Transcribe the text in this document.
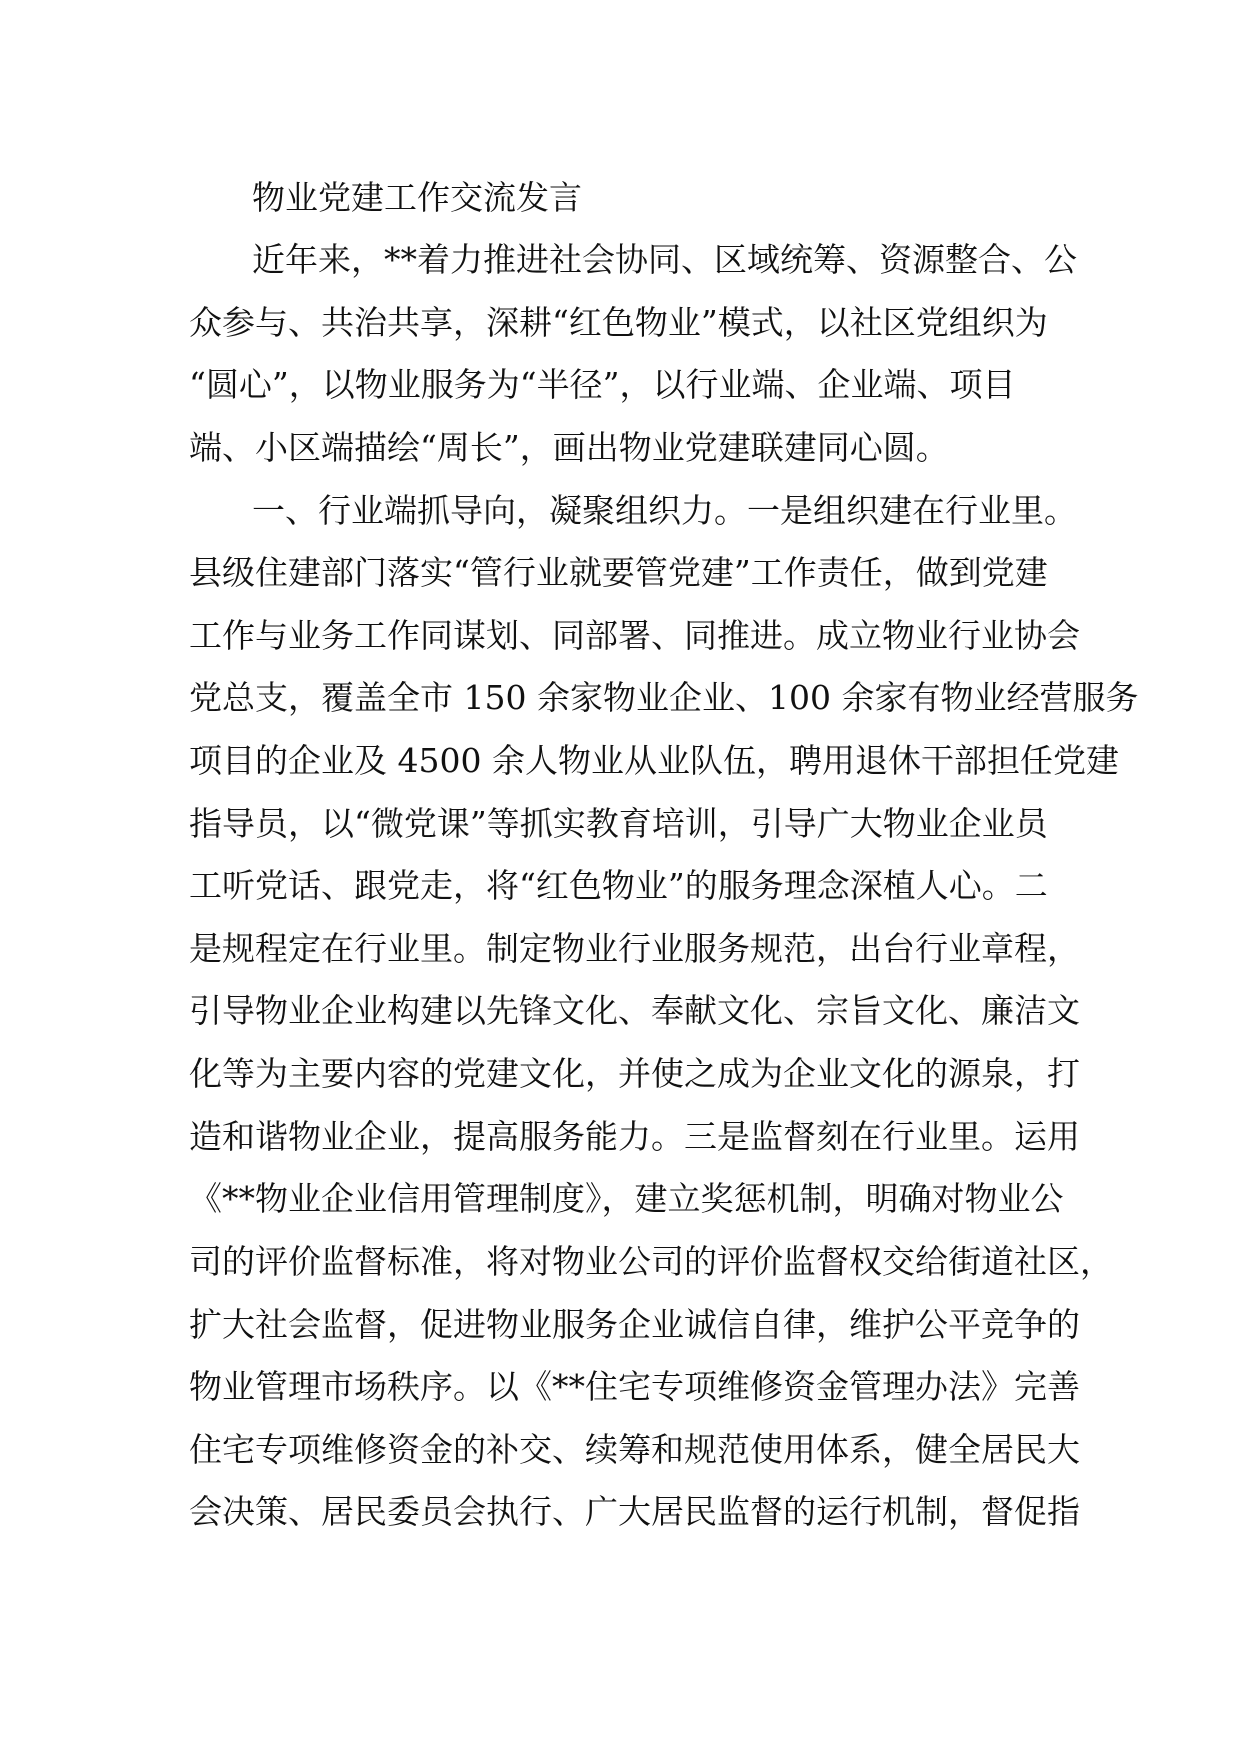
物业党建工作交流发言

近年来，**着力推进社会协同、区域统筹、资源整合、公

众参与、共治共享，深耕“红色物业”模式，以社区党组织为

“圆心”，以物业服务为“半径”，以行业端、企业端、项目

端、小区端描绘“周长”，画出物业党建联建同心圆。

一、行业端抓导向，凝聚组织力。一是组织建在行业里。

县级住建部门落实“管行业就要管党建”工作责任，做到党建

工作与业务工作同谋划、同部署、同推进。成立物业行业协会

党总支，覆盖全市 150 余家物业企业、100 余家有物业经营服务

项目的企业及 4500 余人物业从业队伍，聘用退休干部担任党建

指导员，以“微党课”等抓实教育培训，引导广大物业企业员

工听党话、跟党走，将“红色物业”的服务理念深植人心。二

是规程定在行业里。制定物业行业服务规范，出台行业章程，

引导物业企业构建以先锋文化、奉献文化、宗旨文化、廉洁文

化等为主要内容的党建文化，并使之成为企业文化的源泉，打

造和谐物业企业，提高服务能力。三是监督刻在行业里。运用

《**物业企业信用管理制度》，建立奖惩机制，明确对物业公

司的评价监督标准，将对物业公司的评价监督权交给街道社区，

扩大社会监督，促进物业服务企业诚信自律，维护公平竞争的

物业管理市场秩序。以《**住宅专项维修资金管理办法》完善

住宅专项维修资金的补交、续筹和规范使用体系，健全居民大

会决策、居民委员会执行、广大居民监督的运行机制，督促指
